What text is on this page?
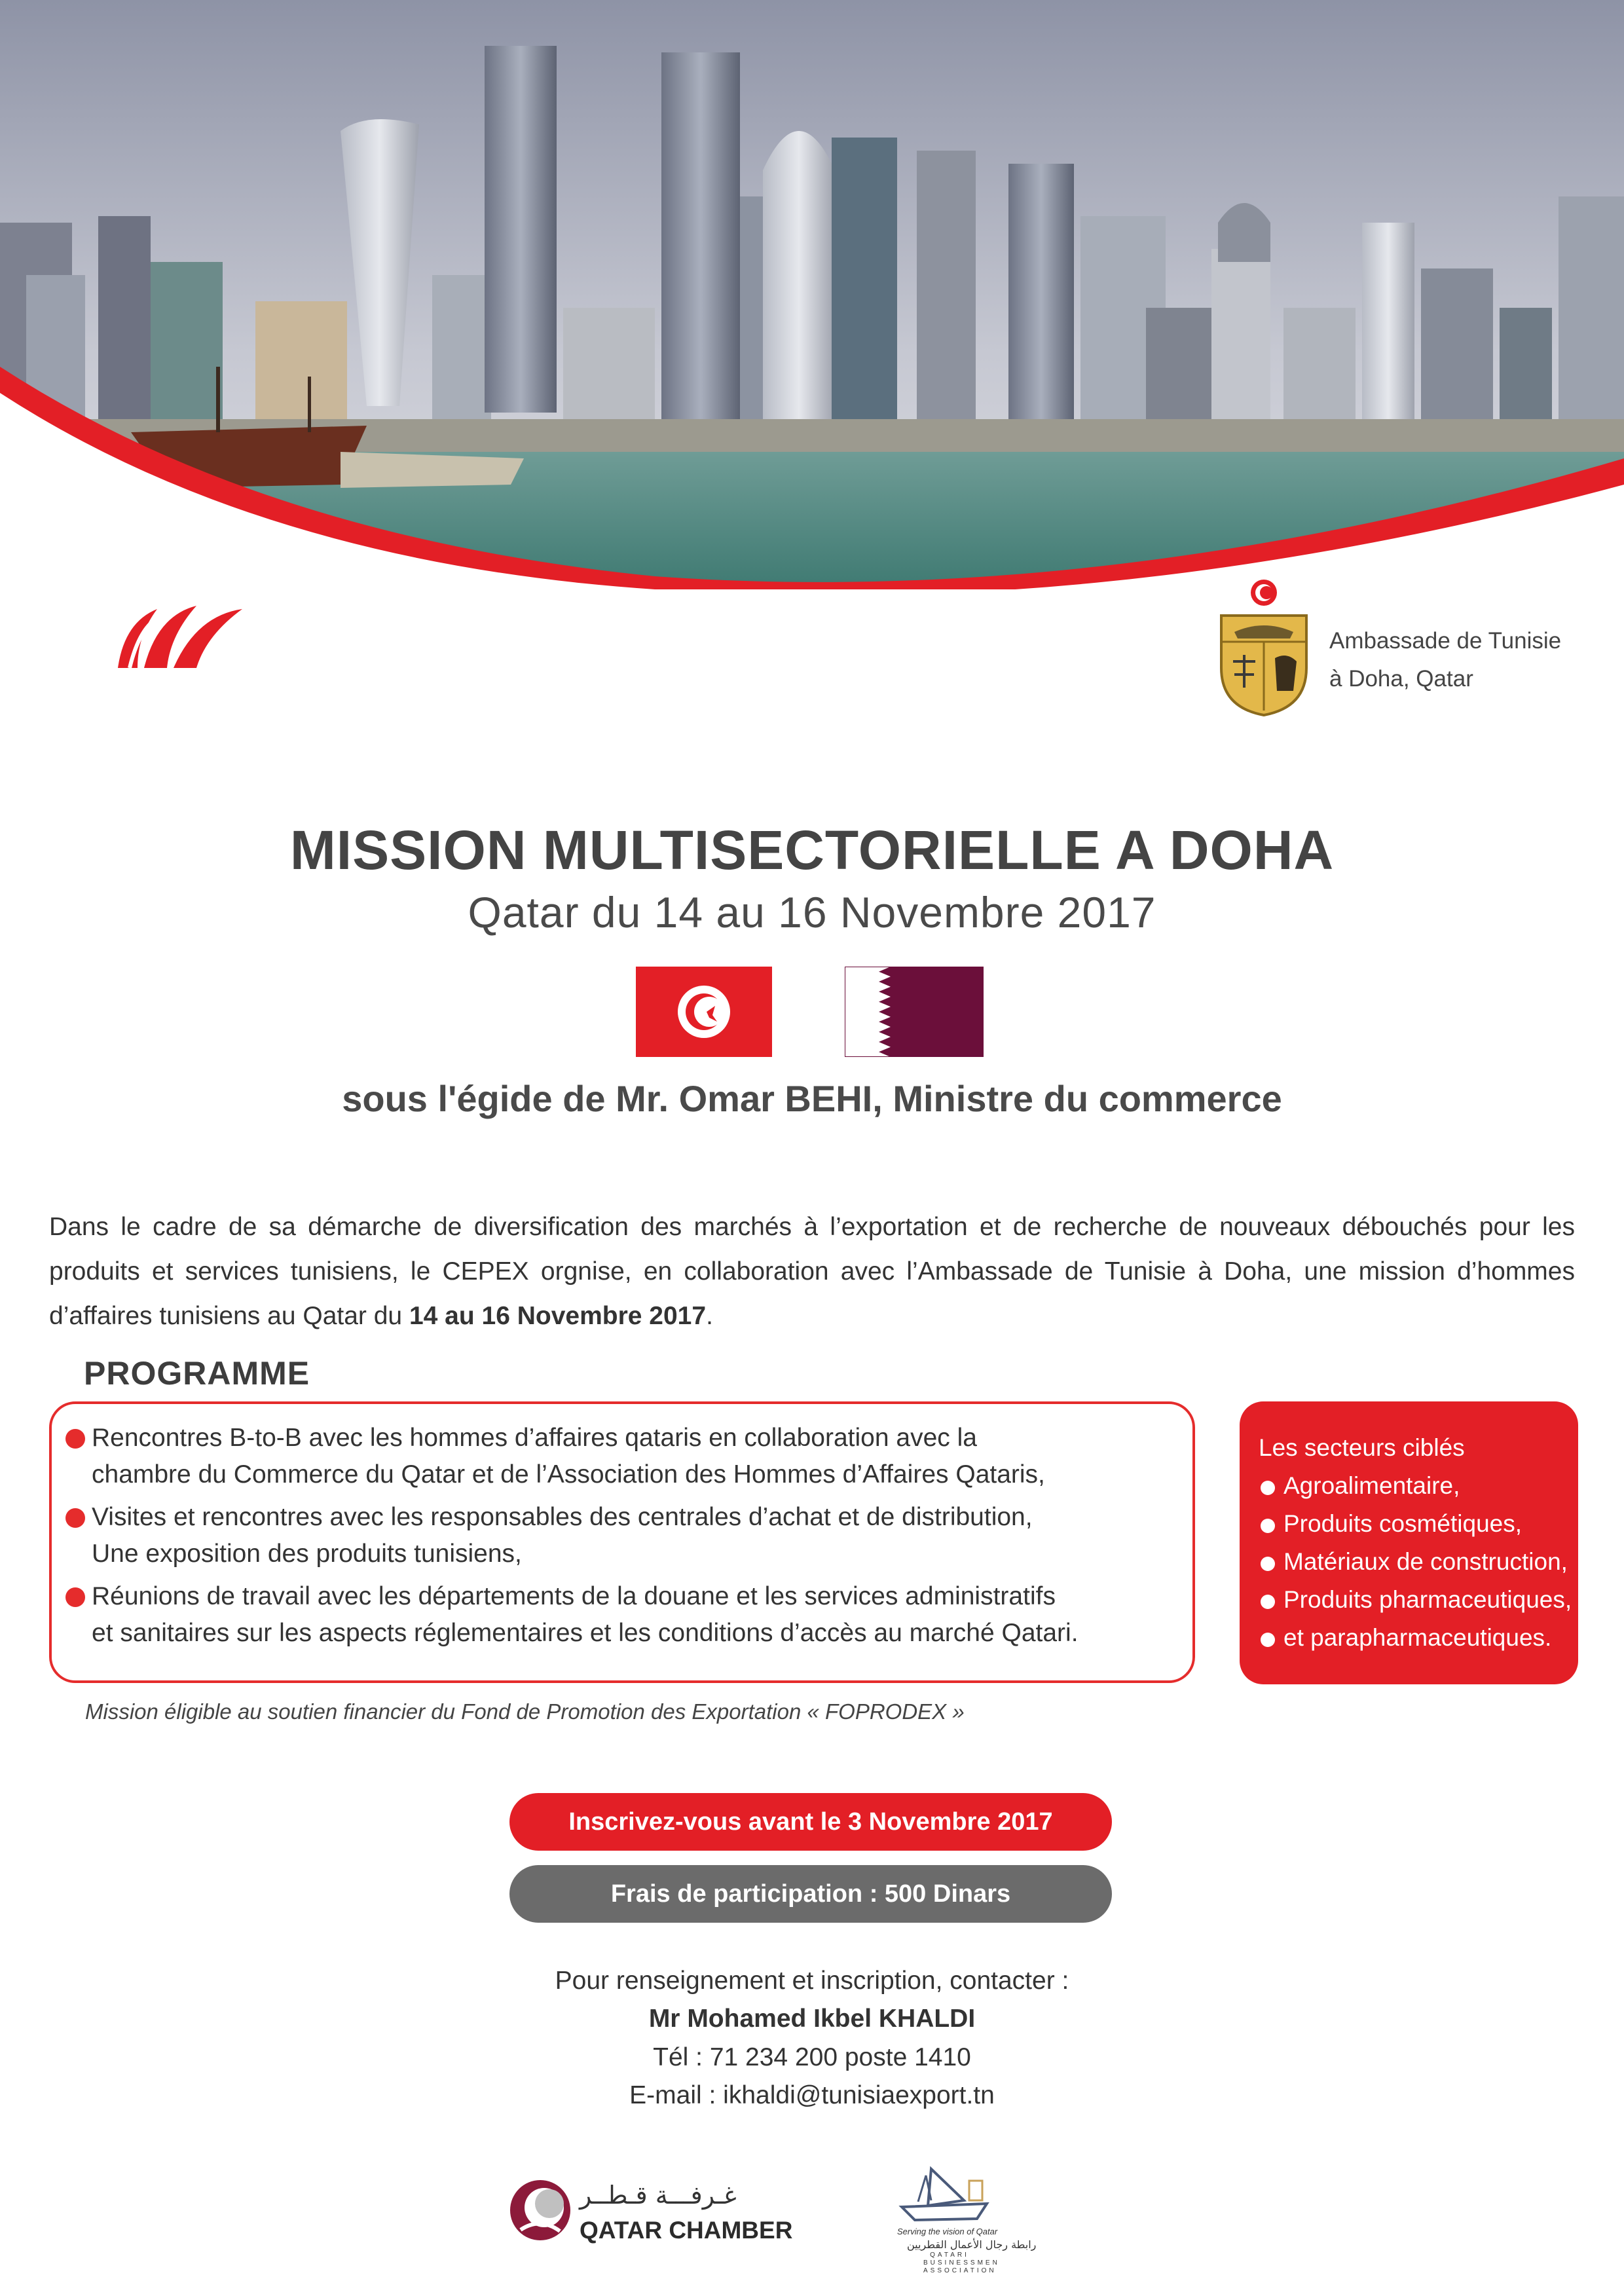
Ambassade de Tunisie
à Doha, Qatar
MISSION MULTISECTORIELLE A DOHA
Qatar du 14 au 16 Novembre 2017
sous l'égide de Mr. Omar BEHI, Ministre du commerce
Dans le cadre de sa démarche de diversification des marchés à l’exportation et de recherche de nouveaux débouchés pour les produits et services tunisiens, le CEPEX orgnise, en collaboration avec l’Ambassade de Tunisie à Doha, une mission d’hommes d’affaires tunisiens au Qatar du 14 au 16 Novembre 2017.
PROGRAMME
Rencontres B-to-B avec les hommes d’affaires qataris en collaboration avec la
chambre du Commerce du Qatar et de l’Association des Hommes d’Affaires Qataris,
Visites et rencontres avec les responsables des centrales d’achat et de distribution,
Une exposition des produits tunisiens,
Réunions de travail avec les départements de la douane et les services administratifs
et sanitaires sur les aspects réglementaires et les conditions d’accès au marché Qatari.
Les secteurs ciblés
Agroalimentaire,
Produits cosmétiques,
Matériaux de construction,
Produits pharmaceutiques,
et parapharmaceutiques.
Mission éligible au soutien financier du Fond de Promotion des Exportation « FOPRODEX »
Inscrivez-vous avant le 3 Novembre 2017
Frais de participation : 500 Dinars
Pour renseignement et inscription, contacter :
Mr Mohamed Ikbel KHALDI
Tél : 71 234 200 poste 1410
E-mail : ikhaldi@tunisiaexport.tn
غـرفـــة قـطــر
QATAR CHAMBER	Serving the vision of Qatar
رابطة رجال الأعمال القطريين
QATARI BUSINESSMEN ASSOCIATION
